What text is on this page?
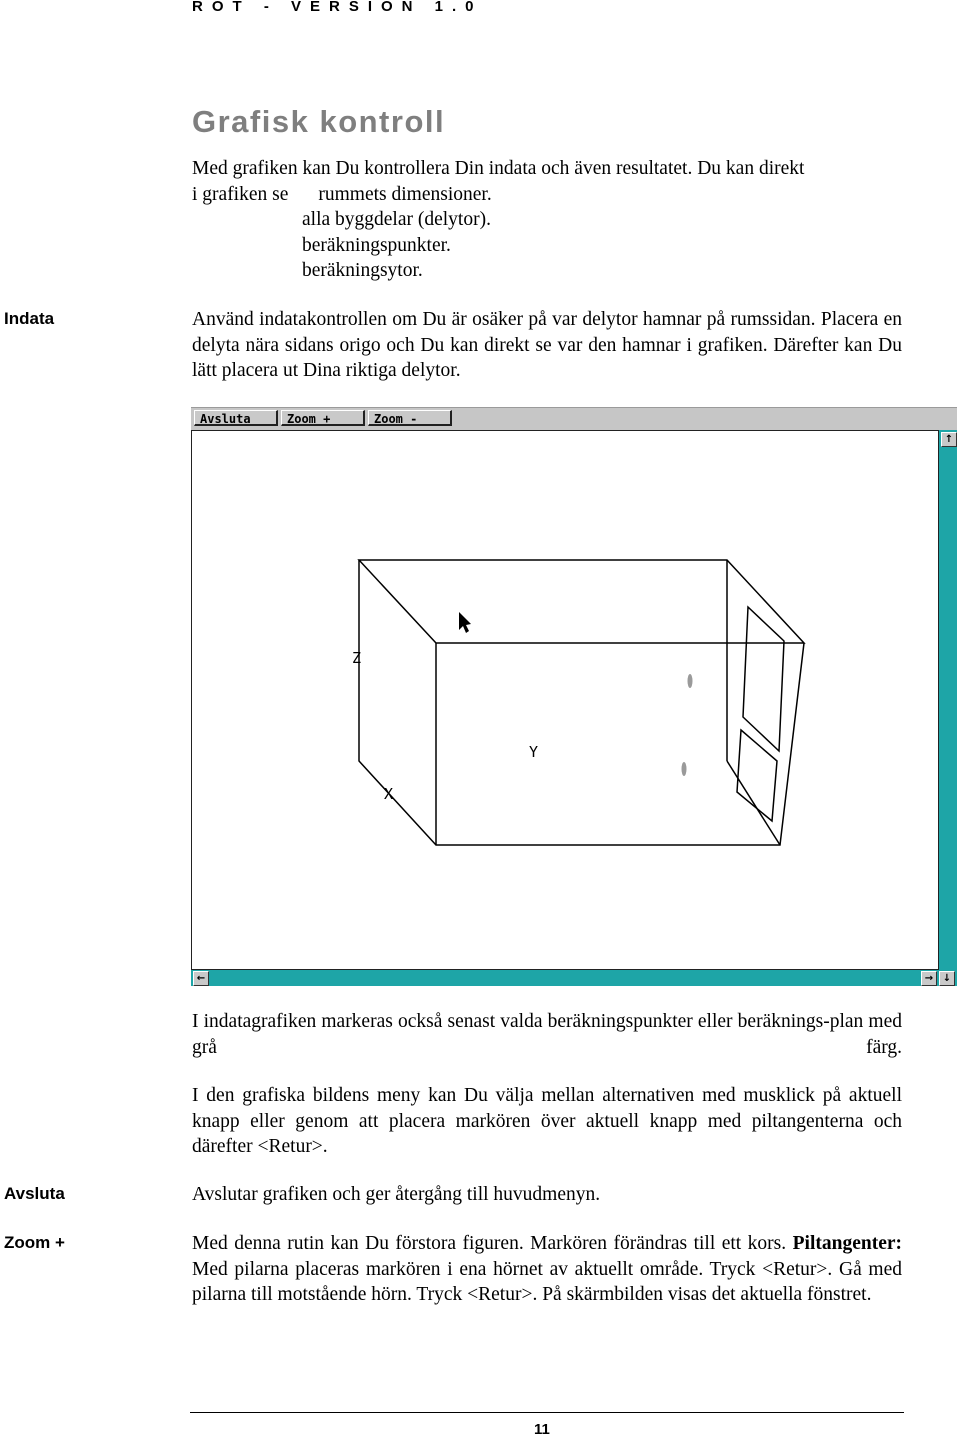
ROT - VERSION 1.0
Grafisk kontroll
Med grafiken kan Du kontrollera Din indata och även resultatet. Du kan direkt
i grafiken se rummets dimensioner.
alla byggdelar (delytor).
beräkningspunkter.
beräkningsytor.
Indata	Använd indatakontrollen om Du är osäker på var delytor hamnar på rumssidan. Placera en delyta nära sidans origo och Du kan direkt se var den hamnar i grafiken. Därefter kan Du lätt placera ut Dina riktiga delytor.
Avsluta	Zoom +	Zoom -
Z
Y
X
↑
←	→ ↓
I indatagrafiken markeras också senast valda beräkningspunkter eller beräknings-plan med grå färg.
I den grafiska bildens meny kan Du välja mellan alternativen med musklick på aktuell knapp eller genom att placera markören över aktuell knapp med piltangenterna och därefter <Retur>.
Avsluta	Avslutar grafiken och ger återgång till huvudmenyn.
Zoom +	Med denna rutin kan Du förstora figuren. Markören förändras till ett kors. Piltangenter: Med pilarna placeras markören i ena hörnet av aktuellt område. Tryck <Retur>. Gå med pilarna till motstående hörn. Tryck <Retur>. På skärmbilden visas det aktuella fönstret.
11
